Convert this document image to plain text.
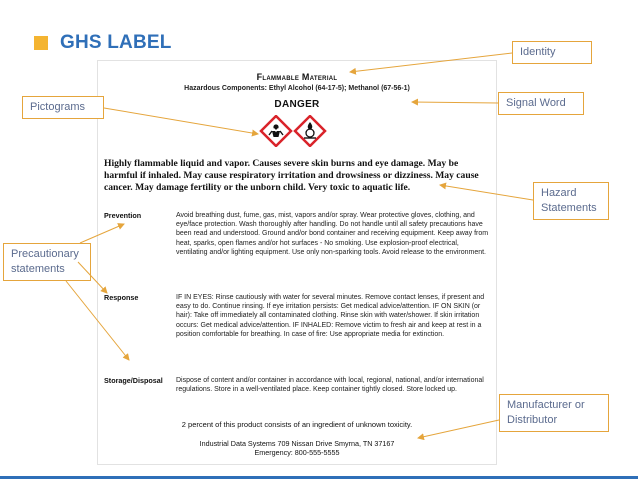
GHS LABEL
Flammable Material
Hazardous Components: Ethyl Alcohol (64-17-5); Methanol (67-56-1)
DANGER
Highly flammable liquid and vapor. Causes severe skin burns and eye damage. May be harmful if inhaled. May cause respiratory irritation and drowsiness or dizziness. May cause cancer. May damage fertility or the unborn child. Very toxic to aquatic life.
Prevention	Avoid breathing dust, fume, gas, mist, vapors and/or spray. Wear protective gloves, clothing, and eye/face protection. Wash thoroughly after handling. Do not handle until all safety precautions have been read and understood. Ground and/or bond container and receiving equipment. Keep away from heat, sparks, open flames and/or hot surfaces - No smoking. Use explosion-proof electrical, ventilating and/or lighting equipment. Use only non-sparking tools. Avoid release to the environment.
Response	IF IN EYES: Rinse cautiously with water for several minutes. Remove contact lenses, if present and easy to do. Continue rinsing. If eye irritation persists: Get medical advice/attention. IF ON SKIN (or hair): Take off immediately all contaminated clothing. Rinse skin with water/shower. If skin irritation occurs: Get medical advice/attention. IF INHALED: Remove victim to fresh air and keep at rest in a position comfortable for breathing. In case of fire: Use appropriate media for extinction.
Storage/Disposal	Dispose of content and/or container in accordance with local, regional, national, and/or international regulations. Store in a well-ventilated place. Keep container tightly closed. Store locked up.
2 percent of this product consists of an ingredient of unknown toxicity.
Industrial Data Systems 709 Nissan Drive Smyrna, TN 37167
Emergency: 800-555-5555
Identity
Signal Word
Pictograms
Hazard Statements
Precautionary statements
Manufacturer or Distributor
